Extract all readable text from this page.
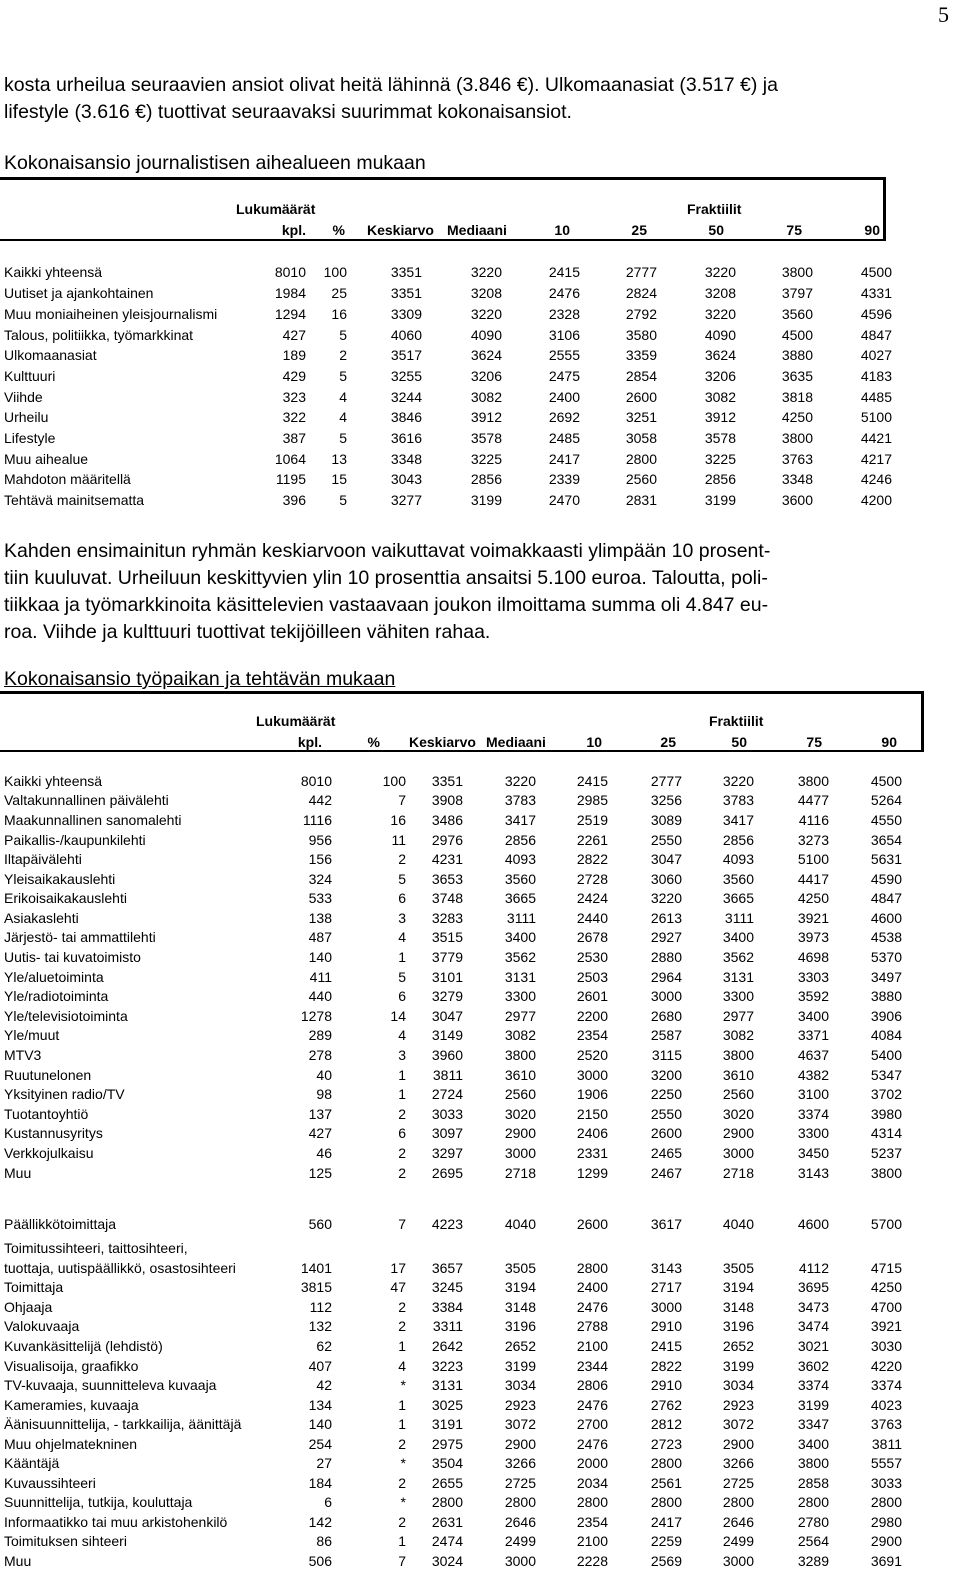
5
kosta urheilua seuraavien ansiot olivat heitä lähinnä (3.846 €). Ulkomaanasiat (3.517 €) ja
lifestyle (3.616 €) tuottivat seuraavaksi suurimmat kokonaisansiot.
Kokonaisansio journalistisen aihealueen mukaan
Lukumäärät	Fraktiilit
kpl.	% Keskiarvo Mediaani	10	25	50	75	90
Kaikki yhteensä	8010	100	3351	3220	2415	2777	3220	3800	4500
Uutiset ja ajankohtainen	1984	25	3351	3208	2476	2824	3208	3797	4331
Muu moniaiheinen yleisjournalismi	1294	16	3309	3220	2328	2792	3220	3560	4596
Talous, politiikka, työmarkkinat	427	5	4060	4090	3106	3580	4090	4500	4847
Ulkomaanasiat	189	2	3517	3624	2555	3359	3624	3880	4027
Kulttuuri	429	5	3255	3206	2475	2854	3206	3635	4183
Viihde	323	4	3244	3082	2400	2600	3082	3818	4485
Urheilu	322	4	3846	3912	2692	3251	3912	4250	5100
Lifestyle	387	5	3616	3578	2485	3058	3578	3800	4421
Muu aihealue	1064	13	3348	3225	2417	2800	3225	3763	4217
Mahdoton määritellä	1195	15	3043	2856	2339	2560	2856	3348	4246
Tehtävä mainitsematta	396	5	3277	3199	2470	2831	3199	3600	4200
Kahden ensimainitun ryhmän keskiarvoon vaikuttavat voimakkaasti ylimpään 10 prosent-
tiin kuuluvat. Urheiluun keskittyvien ylin 10 prosenttia ansaitsi 5.100 euroa. Taloutta, poli-
tiikkaa ja työmarkkinoita käsittelevien vastaavaan joukon ilmoittama summa oli 4.847 eu-
roa. Viihde ja kulttuuri tuottivat tekijöilleen vähiten rahaa.
Kokonaisansio työpaikan ja tehtävän mukaan
Lukumäärät	Fraktiilit
kpl.	% Keskiarvo Mediaani	10	25	50	75	90
Kaikki yhteensä	8010	100	3351	3220	2415	2777	3220	3800	4500
Valtakunnallinen päivälehti	442	7	3908	3783	2985	3256	3783	4477	5264
Maakunnallinen sanomalehti	1116	16	3486	3417	2519	3089	3417	4116	4550
Paikallis-/kaupunkilehti	956	11	2976	2856	2261	2550	2856	3273	3654
Iltapäivälehti	156	2	4231	4093	2822	3047	4093	5100	5631
Yleisaikakauslehti	324	5	3653	3560	2728	3060	3560	4417	4590
Erikoisaikakauslehti	533	6	3748	3665	2424	3220	3665	4250	4847
Asiakaslehti	138	3	3283	3111	2440	2613	3111	3921	4600
Järjestö- tai ammattilehti	487	4	3515	3400	2678	2927	3400	3973	4538
Uutis- tai kuvatoimisto	140	1	3779	3562	2530	2880	3562	4698	5370
Yle/aluetoiminta	411	5	3101	3131	2503	2964	3131	3303	3497
Yle/radiotoiminta	440	6	3279	3300	2601	3000	3300	3592	3880
Yle/televisiotoiminta	1278	14	3047	2977	2200	2680	2977	3400	3906
Yle/muut	289	4	3149	3082	2354	2587	3082	3371	4084
MTV3	278	3	3960	3800	2520	3115	3800	4637	5400
Ruutunelonen	40	1	3811	3610	3000	3200	3610	4382	5347
Yksityinen radio/TV	98	1	2724	2560	1906	2250	2560	3100	3702
Tuotantoyhtiö	137	2	3033	3020	2150	2550	3020	3374	3980
Kustannusyritys	427	6	3097	2900	2406	2600	2900	3300	4314
Verkkojulkaisu	46	2	3297	3000	2331	2465	3000	3450	5237
Muu	125	2	2695	2718	1299	2467	2718	3143	3800
Päällikkötoimittaja	560	7	4223	4040	2600	3617	4040	4600	5700
Toimitussihteeri, taittosihteeri,
tuottaja, uutispäällikkö, osastosihteeri	1401	17	3657	3505	2800	3143	3505	4112	4715
Toimittaja	3815	47	3245	3194	2400	2717	3194	3695	4250
Ohjaaja	112	2	3384	3148	2476	3000	3148	3473	4700
Valokuvaaja	132	2	3311	3196	2788	2910	3196	3474	3921
Kuvankäsittelijä (lehdistö)	62	1	2642	2652	2100	2415	2652	3021	3030
Visualisoija, graafikko	407	4	3223	3199	2344	2822	3199	3602	4220
TV-kuvaaja, suunnitteleva kuvaaja	42	*	3131	3034	2806	2910	3034	3374	3374
Kameramies, kuvaaja	134	1	3025	2923	2476	2762	2923	3199	4023
Äänisuunnittelija, - tarkkailija, äänittäjä	140	1	3191	3072	2700	2812	3072	3347	3763
Muu ohjelmatekninen	254	2	2975	2900	2476	2723	2900	3400	3811
Kääntäjä	27	*	3504	3266	2000	2800	3266	3800	5557
Kuvaussihteeri	184	2	2655	2725	2034	2561	2725	2858	3033
Suunnittelija, tutkija, kouluttaja	6	*	2800	2800	2800	2800	2800	2800	2800
Informaatikko tai muu arkistohenkilö	142	2	2631	2646	2354	2417	2646	2780	2980
Toimituksen sihteeri	86	1	2474	2499	2100	2259	2499	2564	2900
Muu	506	7	3024	3000	2228	2569	3000	3289	3691
